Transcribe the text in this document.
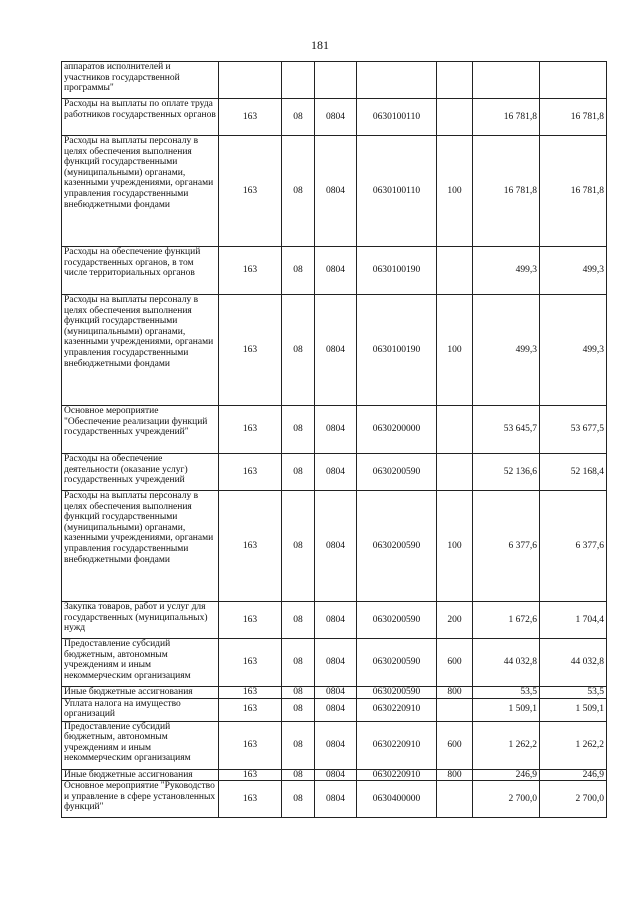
181
аппаратов исполнителей и участников государственной программы"							
Расходы на выплаты по оплате труда работников государственных органов	163	08	0804	0630100110		16 781,8	16 781,8
Расходы на выплаты персоналу в целях обеспечения выполнения функций государственными (муниципальными) органами, казенными учреждениями, органами управления государственными внебюджетными фондами	163	08	0804	0630100110	100	16 781,8	16 781,8
Расходы на обеспечение функций государственных органов, в том числе территориальных органов	163	08	0804	0630100190		499,3	499,3
Расходы на выплаты персоналу в целях обеспечения выполнения функций государственными (муниципальными) органами, казенными учреждениями, органами управления государственными внебюджетными фондами	163	08	0804	0630100190	100	499,3	499,3
Основное мероприятие "Обеспечение реализации функций государственных учреждений"	163	08	0804	0630200000		53 645,7	53 677,5
Расходы на обеспечение деятельности (оказание услуг) государственных учреждений	163	08	0804	0630200590		52 136,6	52 168,4
Расходы на выплаты персоналу в целях обеспечения выполнения функций государственными (муниципальными) органами, казенными учреждениями, органами управления государственными внебюджетными фондами	163	08	0804	0630200590	100	6 377,6	6 377,6
Закупка товаров, работ и услуг для государственных (муниципальных) нужд	163	08	0804	0630200590	200	1 672,6	1 704,4
Предоставление субсидий бюджетным, автономным учреждениям и иным некоммерческим организациям	163	08	0804	0630200590	600	44 032,8	44 032,8
Иные бюджетные ассигнования	163	08	0804	0630200590	800	53,5	53,5
Уплата налога на имущество организаций	163	08	0804	0630220910		1 509,1	1 509,1
Предоставление субсидий бюджетным, автономным учреждениям и иным некоммерческим организациям	163	08	0804	0630220910	600	1 262,2	1 262,2
Иные бюджетные ассигнования	163	08	0804	0630220910	800	246,9	246,9
Основное мероприятие "Руководство и управление в сфере установленных функций"	163	08	0804	0630400000		2 700,0	2 700,0
